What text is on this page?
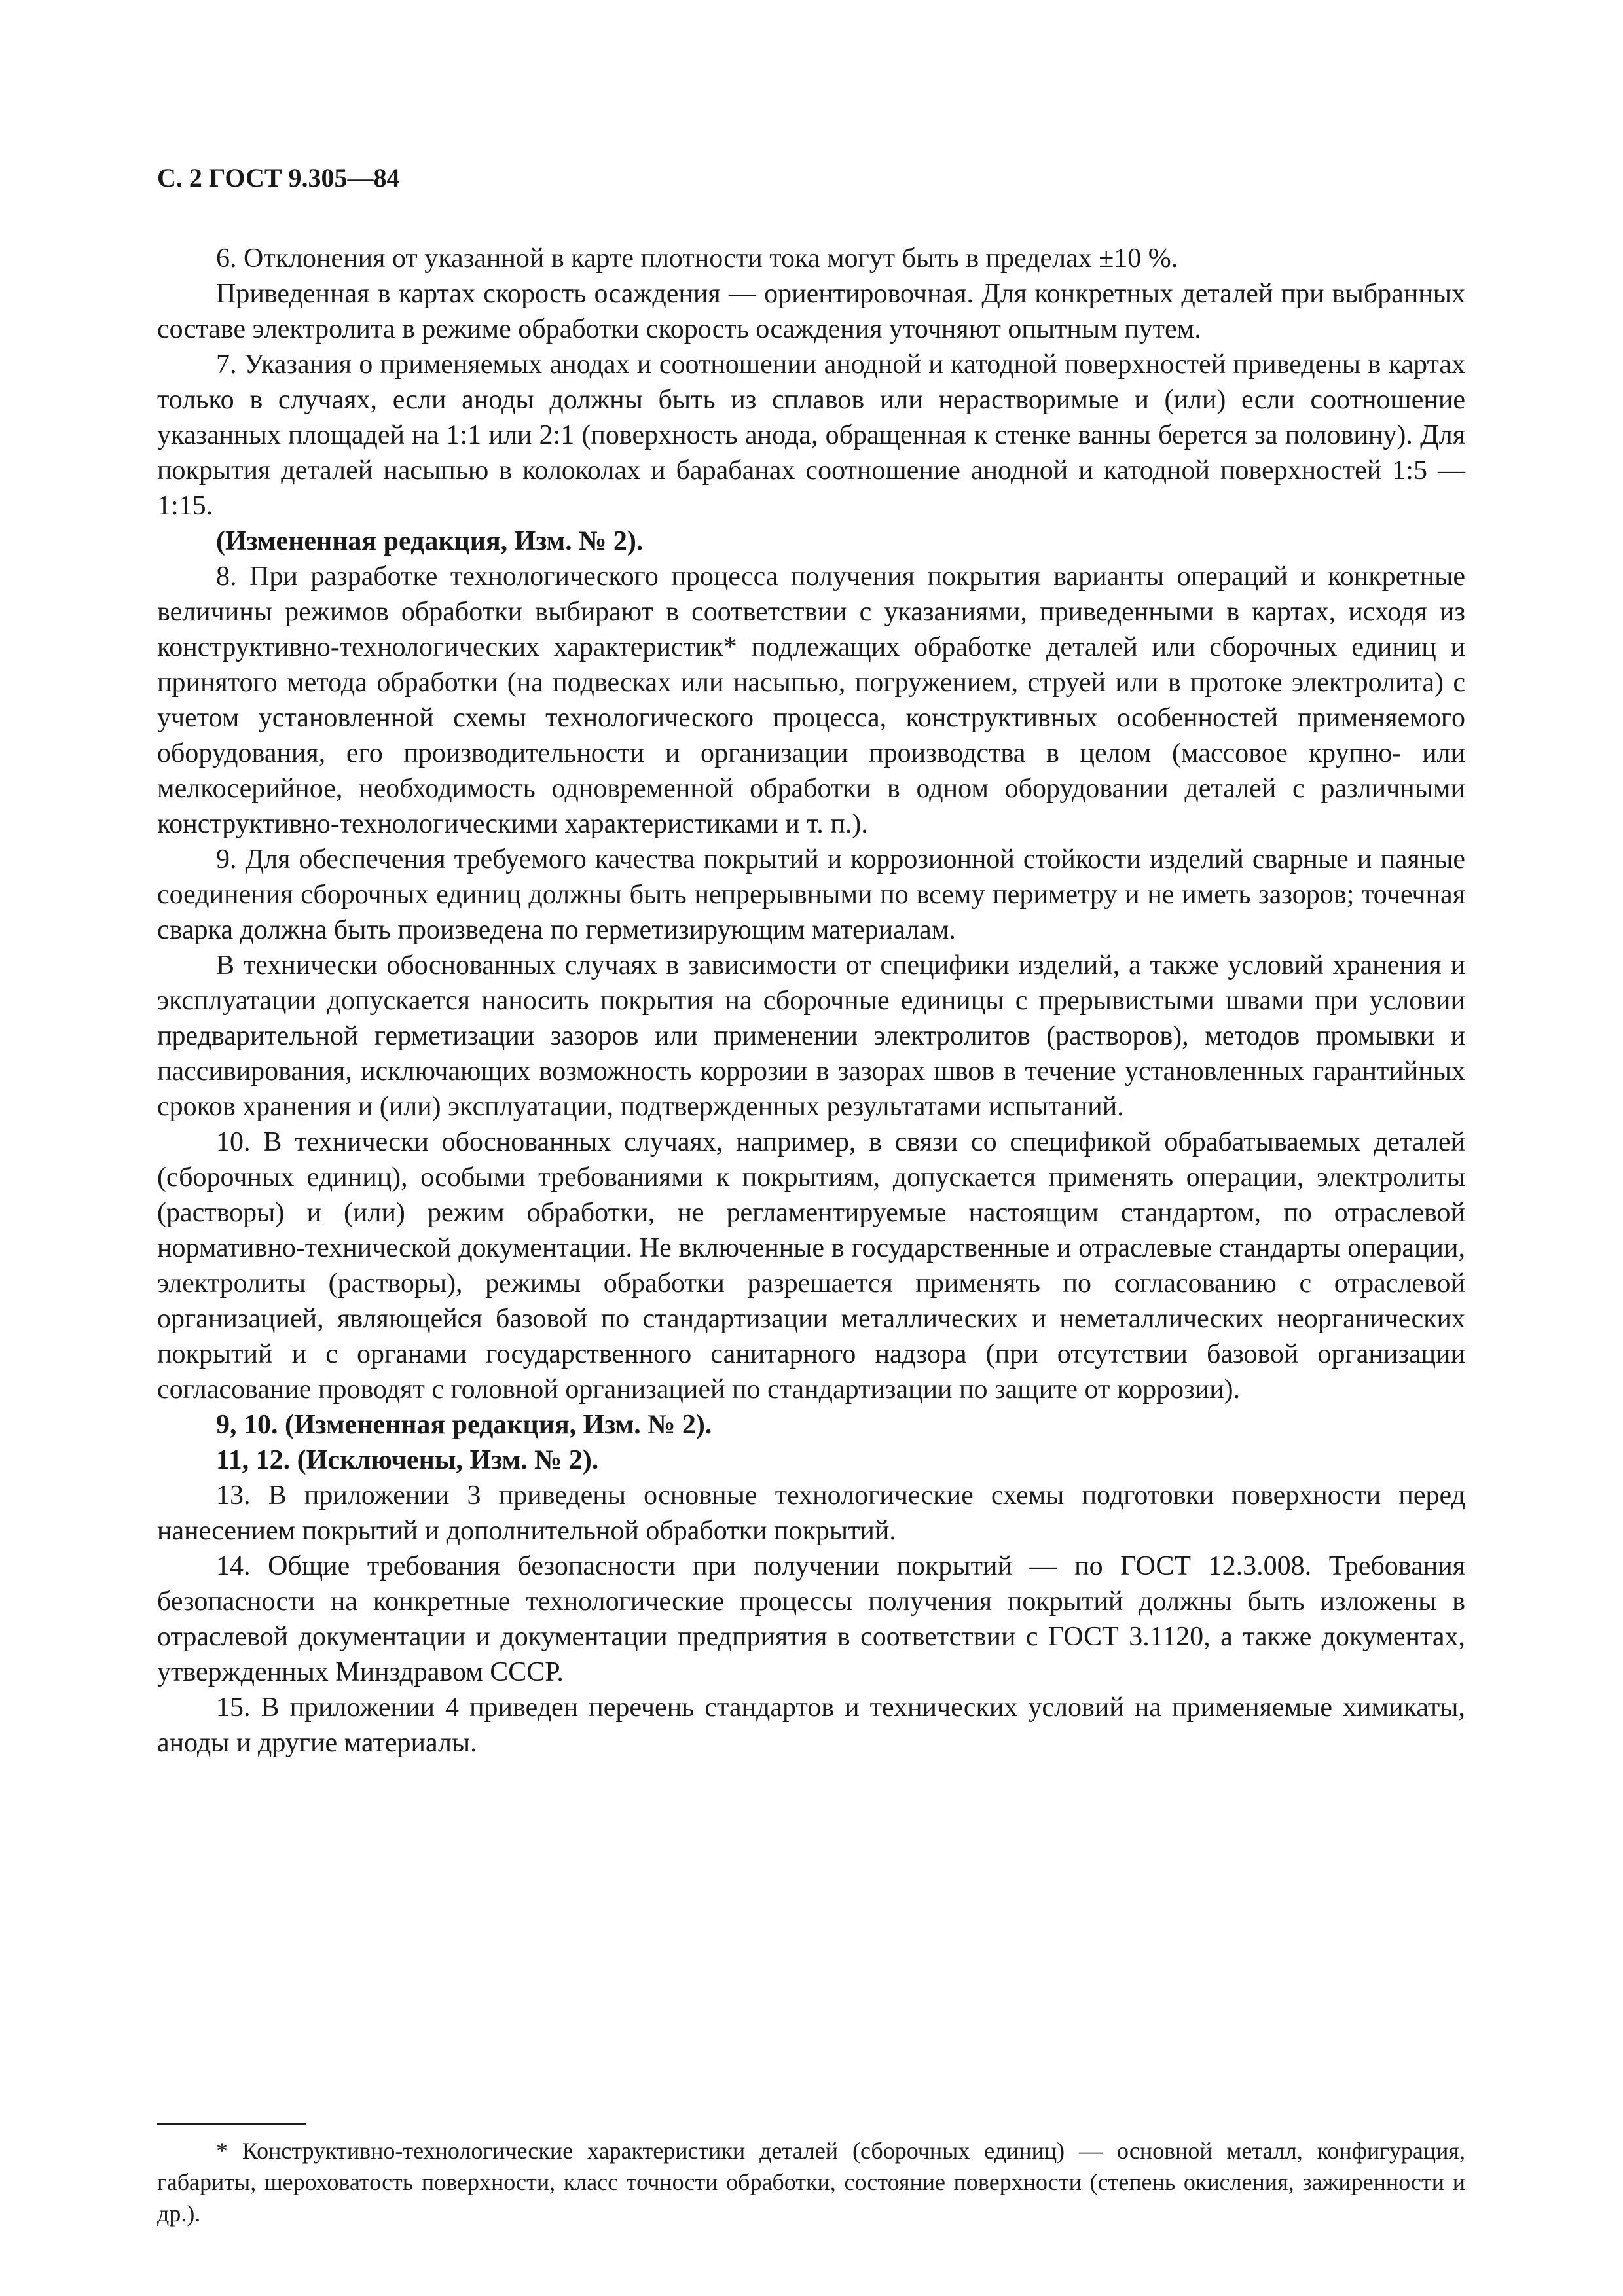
С. 2 ГОСТ 9.305—84

6. Отклонения от указанной в карте плотности тока могут быть в пределах ±10 %.

Приведенная в картах скорость осаждения — ориентировочная. Для конкретных деталей при выбранных составе электролита в режиме обработки скорость осаждения уточняют опытным путем.

7. Указания о применяемых анодах и соотношении анодной и катодной поверхностей приведены в картах только в случаях, если аноды должны быть из сплавов или нерастворимые и (или) если соотношение указанных площадей на 1:1 или 2:1 (поверхность анода, обращенная к стенке ванны берется за половину). Для покрытия деталей насыпью в колоколах и барабанах соотношение анодной и катодной поверхностей 1:5 — 1:15.

(Измененная редакция, Изм. № 2).

8. При разработке технологического процесса получения покрытия варианты операций и конкретные величины режимов обработки выбирают в соответствии с указаниями, приведенными в картах, исходя из конструктивно-технологических характеристик* подлежащих обработке деталей или сборочных единиц и принятого метода обработки (на подвесках или насыпью, погружением, струей или в протоке электролита) с учетом установленной схемы технологического процесса, конструктивных особенностей применяемого оборудования, его производительности и организации производства в целом (массовое крупно- или мелкосерийное, необходимость одновременной обработки в одном оборудовании деталей с различными конструктивно-технологическими характеристиками и т. п.).

9. Для обеспечения требуемого качества покрытий и коррозионной стойкости изделий сварные и паяные соединения сборочных единиц должны быть непрерывными по всему периметру и не иметь зазоров; точечная сварка должна быть произведена по герметизирующим материалам.

В технически обоснованных случаях в зависимости от специфики изделий, а также условий хранения и эксплуатации допускается наносить покрытия на сборочные единицы с прерывистыми швами при условии предварительной герметизации зазоров или применении электролитов (растворов), методов промывки и пассивирования, исключающих возможность коррозии в зазорах швов в течение установленных гарантийных сроков хранения и (или) эксплуатации, подтвержденных результатами испытаний.

10. В технически обоснованных случаях, например, в связи со спецификой обрабатываемых деталей (сборочных единиц), особыми требованиями к покрытиям, допускается применять операции, электролиты (растворы) и (или) режим обработки, не регламентируемые настоящим стандартом, по отраслевой нормативно-технической документации. Не включенные в государственные и отраслевые стандарты операции, электролиты (растворы), режимы обработки разрешается применять по согласованию с отраслевой организацией, являющейся базовой по стандартизации металлических и неметаллических неорганических покрытий и с органами государственного санитарного надзора (при отсутствии базовой организации согласование проводят с головной организацией по стандартизации по защите от коррозии).

9, 10. (Измененная редакция, Изм. № 2).

11, 12. (Исключены, Изм. № 2).

13. В приложении 3 приведены основные технологические схемы подготовки поверхности перед нанесением покрытий и дополнительной обработки покрытий.

14. Общие требования безопасности при получении покрытий — по ГОСТ 12.3.008. Требования безопасности на конкретные технологические процессы получения покрытий должны быть изложены в отраслевой документации и документации предприятия в соответствии с ГОСТ 3.1120, а также документах, утвержденных Минздравом СССР.

15. В приложении 4 приведен перечень стандартов и технических условий на применяемые химикаты, аноды и другие материалы.

* Конструктивно-технологические характеристики деталей (сборочных единиц) — основной металл, конфигурация, габариты, шероховатость поверхности, класс точности обработки, состояние поверхности (степень окисления, зажиренности и др.).
